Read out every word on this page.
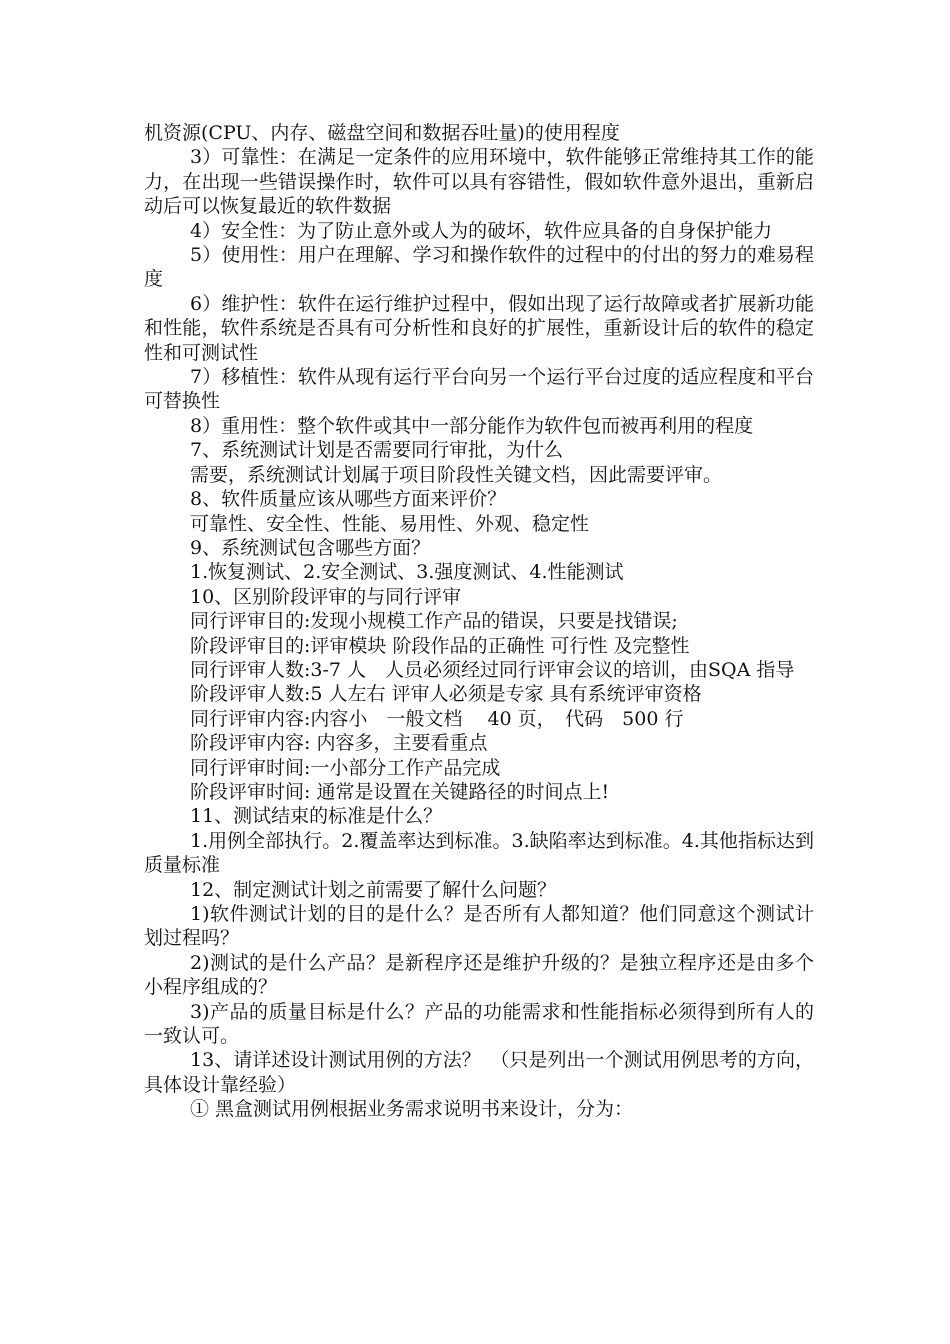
机资源(CPU、内存、磁盘空间和数据吞吐量)的使用程度

3）可靠性：在满足一定条件的应用环境中，软件能够正常维持其工作的能力，在出现一些错误操作时，软件可以具有容错性，假如软件意外退出，重新启动后可以恢复最近的软件数据

4）安全性：为了防止意外或人为的破坏，软件应具备的自身保护能力

5）使用性：用户在理解、学习和操作软件的过程中的付出的努力的难易程度

6）维护性：软件在运行维护过程中，假如出现了运行故障或者扩展新功能和性能，软件系统是否具有可分析性和良好的扩展性，重新设计后的软件的稳定性和可测试性

7）移植性：软件从现有运行平台向另一个运行平台过度的适应程度和平台可替换性

8）重用性：整个软件或其中一部分能作为软件包而被再利用的程度

7、系统测试计划是否需要同行审批，为什么

需要，系统测试计划属于项目阶段性关键文档，因此需要评审。

8、软件质量应该从哪些方面来评价？

可靠性、安全性、性能、易用性、外观、稳定性

9、系统测试包含哪些方面？

1.恢复测试、2.安全测试、3.强度测试、4.性能测试

10、区别阶段评审的与同行评审

同行评审目的:发现小规模工作产品的错误，只要是找错误;

阶段评审目的:评审模块 阶段作品的正确性 可行性 及完整性

同行评审人数:3-7 人　人员必须经过同行评审会议的培训，由SQA 指导

阶段评审人数:5 人左右 评审人必须是专家 具有系统评审资格

同行评审内容:内容小　一般文档　 40 页，　代码　500 行

阶段评审内容: 内容多，主要看重点

同行评审时间:一小部分工作产品完成

阶段评审时间: 通常是设置在关键路径的时间点上!

11、测试结束的标准是什么？

1.用例全部执行。2.覆盖率达到标准。3.缺陷率达到标准。4.其他指标达到质量标准

12、制定测试计划之前需要了解什么问题？

1)软件测试计划的目的是什么？是否所有人都知道？他们同意这个测试计划过程吗？

2)测试的是什么产品？是新程序还是维护升级的？是独立程序还是由多个小程序组成的？

3)产品的质量目标是什么？产品的功能需求和性能指标必须得到所有人的一致认可。

13、请详述设计测试用例的方法？　（只是列出一个测试用例思考的方向，具体设计靠经验）

① 黑盒测试用例根据业务需求说明书来设计，分为：
